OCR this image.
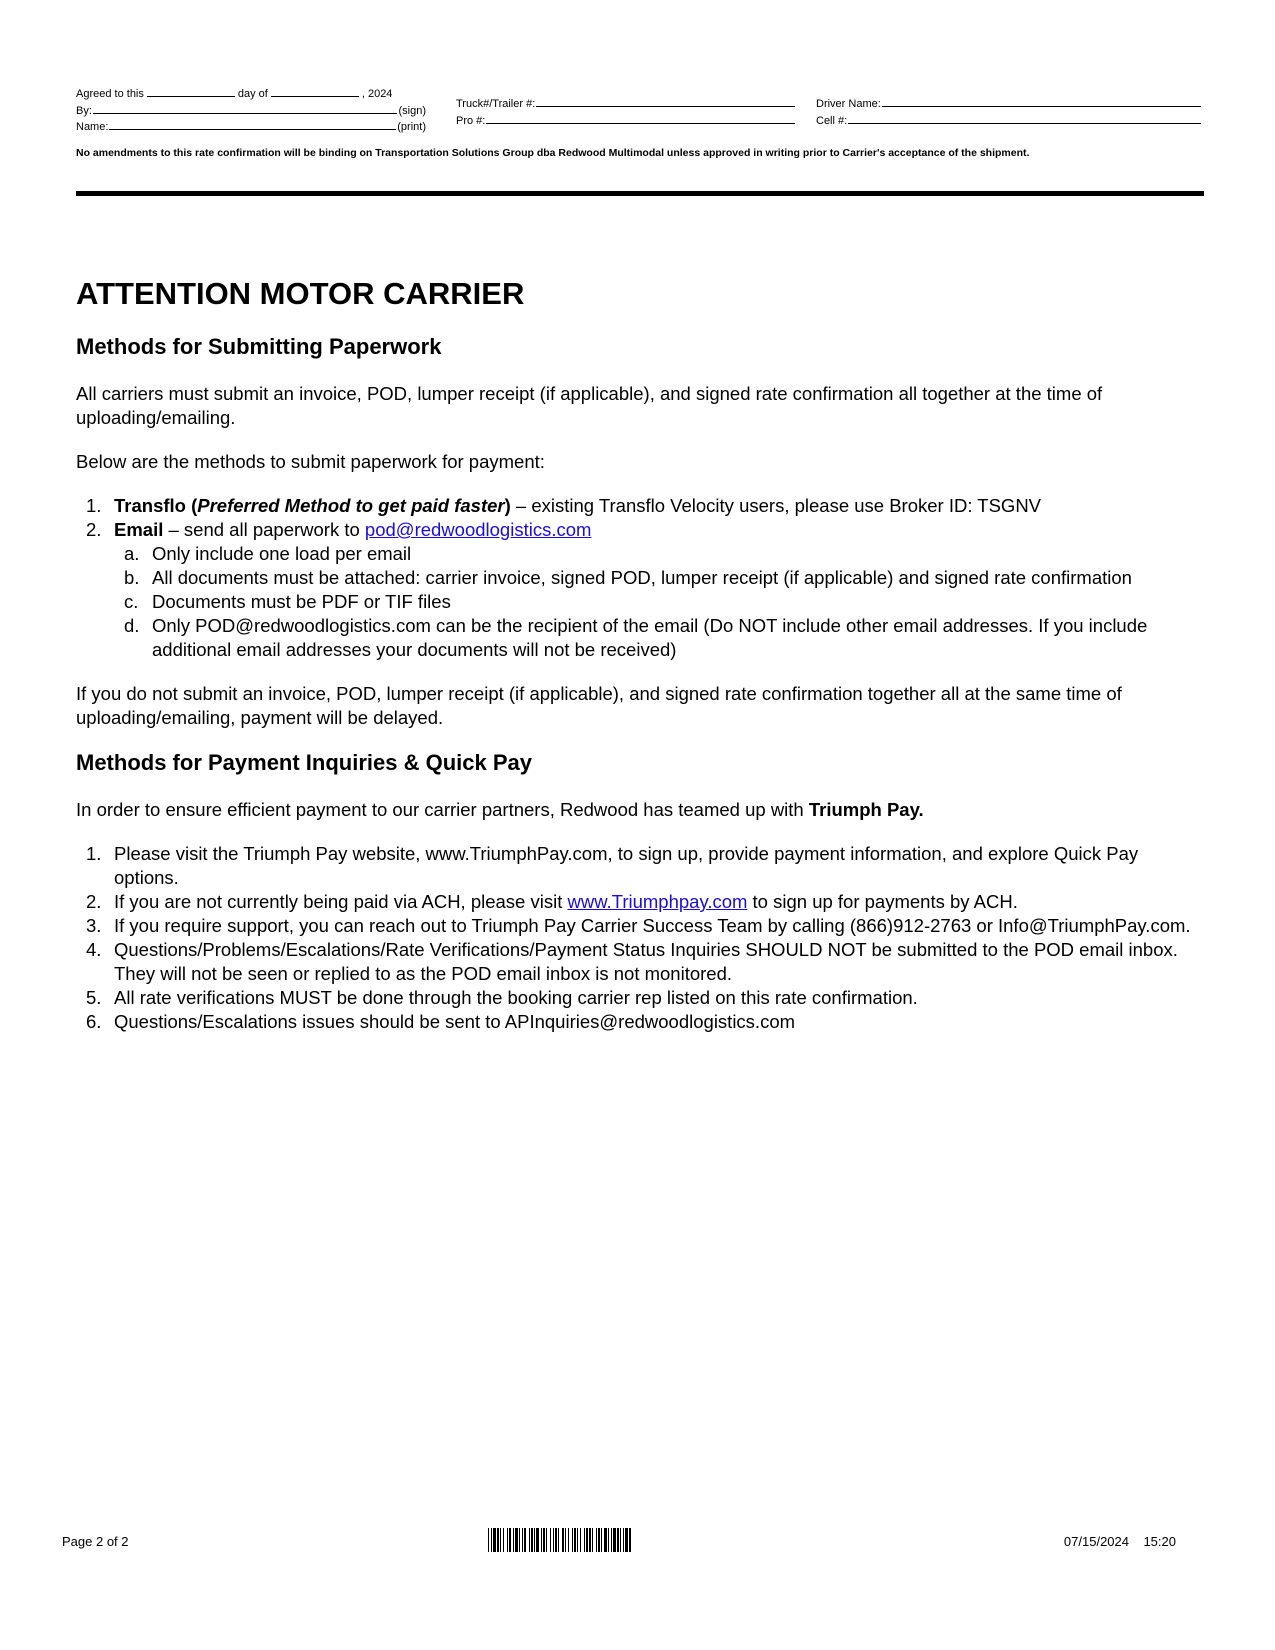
Agreed to this	day of	, 2024
By:	(sign)
Name:	(print)
Truck#/Trailer #:
Pro #:
Driver Name:
Cell #:
No amendments to this rate confirmation will be binding on Transportation Solutions Group dba Redwood Multimodal unless approved in writing prior to Carrier's acceptance of the shipment.
ATTENTION MOTOR CARRIER
Methods for Submitting Paperwork

All carriers must submit an invoice, POD, lumper receipt (if applicable), and signed rate confirmation all together at the time of uploading/emailing.

Below are the methods to submit paperwork for payment:

1. Transflo (Preferred Method to get paid faster) – existing Transflo Velocity users, please use Broker ID: TSGNV
2. Email – send all paperwork to pod@redwoodlogistics.com
a. Only include one load per email
b. All documents must be attached: carrier invoice, signed POD, lumper receipt (if applicable) and signed rate confirmation
c. Documents must be PDF or TIF files
d. Only POD@redwoodlogistics.com can be the recipient of the email (Do NOT include other email addresses. If you include additional email addresses your documents will not be received)

If you do not submit an invoice, POD, lumper receipt (if applicable), and signed rate confirmation together all at the same time of uploading/emailing, payment will be delayed.

Methods for Payment Inquiries & Quick Pay

In order to ensure efficient payment to our carrier partners, Redwood has teamed up with Triumph Pay.

1. Please visit the Triumph Pay website, www.TriumphPay.com, to sign up, provide payment information, and explore Quick Pay options.
2. If you are not currently being paid via ACH, please visit www.Triumphpay.com to sign up for payments by ACH.
3. If you require support, you can reach out to Triumph Pay Carrier Success Team by calling (866)912-2763 or Info@TriumphPay.com.
4. Questions/Problems/Escalations/Rate Verifications/Payment Status Inquiries SHOULD NOT be submitted to the POD email inbox. They will not be seen or replied to as the POD email inbox is not monitored.
5. All rate verifications MUST be done through the booking carrier rep listed on this rate confirmation.
6. Questions/Escalations issues should be sent to APInquiries@redwoodlogistics.com
Page 2 of 2	07/15/2024 15:20
